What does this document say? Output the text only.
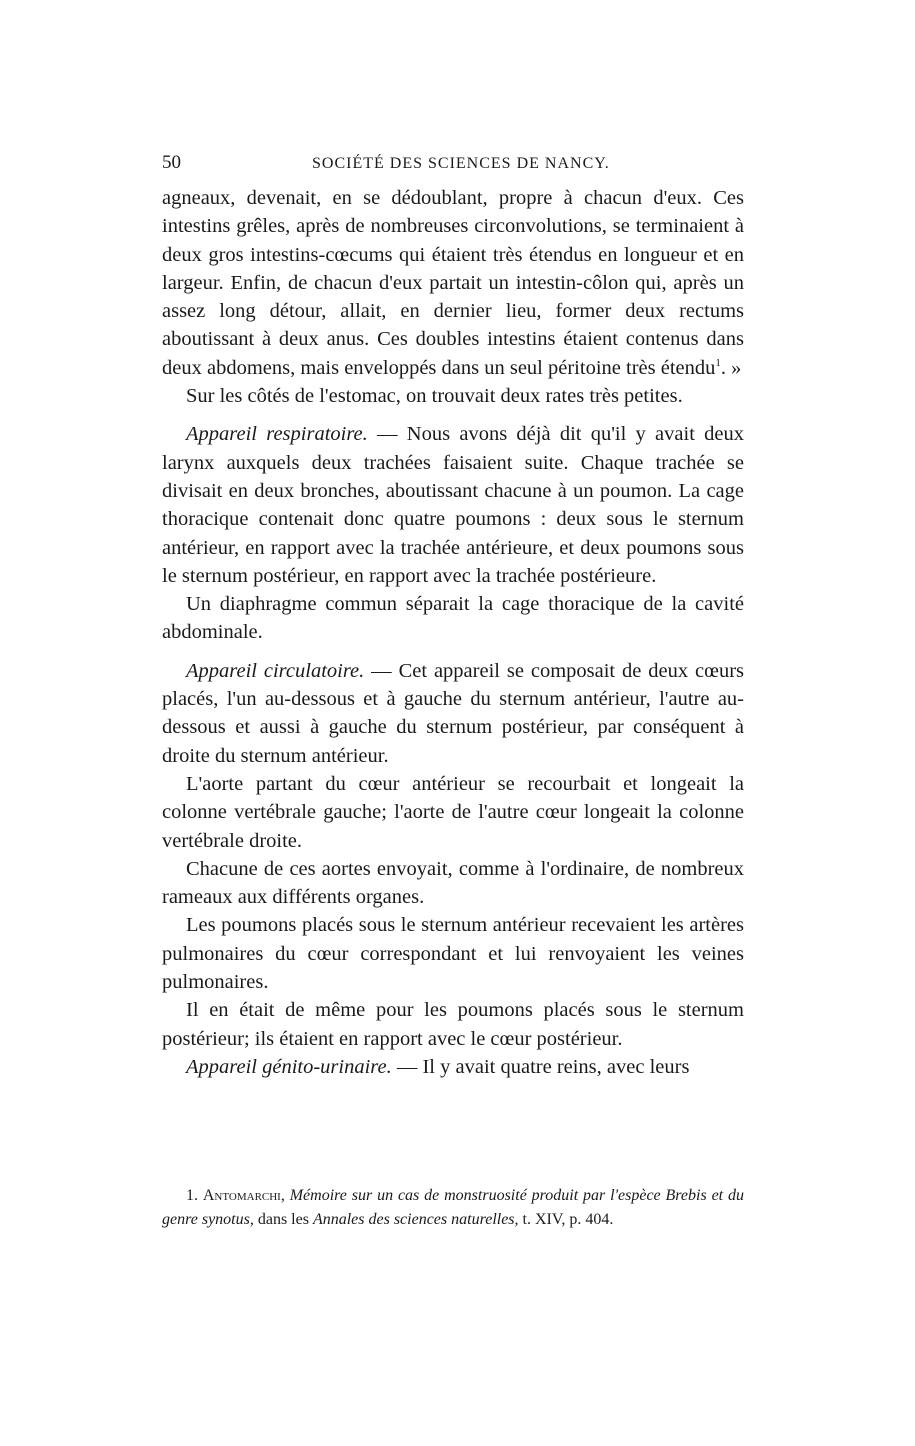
50	SOCIÉTÉ DES SCIENCES DE NANCY.

agneaux, devenait, en se dédoublant, propre à chacun d'eux. Ces intestins grêles, après de nombreuses circonvolutions, se terminaient à deux gros intestins-cœcums qui étaient très étendus en longueur et en largeur. Enfin, de chacun d'eux partait un intestin-côlon qui, après un assez long détour, allait, en dernier lieu, former deux rectums aboutissant à deux anus. Ces doubles intestins étaient contenus dans deux abdomens, mais enveloppés dans un seul péritoine très étendu$^1$. »

Sur les côtés de l'estomac, on trouvait deux rates très petites.

Appareil respiratoire. — Nous avons déjà dit qu'il y avait deux larynx auxquels deux trachées faisaient suite. Chaque trachée se divisait en deux bronches, aboutissant chacune à un poumon. La cage thoracique contenait donc quatre poumons : deux sous le sternum antérieur, en rapport avec la trachée antérieure, et deux poumons sous le sternum postérieur, en rapport avec la trachée postérieure.

Un diaphragme commun séparait la cage thoracique de la cavité abdominale.

Appareil circulatoire. — Cet appareil se composait de deux cœurs placés, l'un au-dessous et à gauche du sternum antérieur, l'autre au-dessous et aussi à gauche du sternum postérieur, par conséquent à droite du sternum antérieur.

L'aorte partant du cœur antérieur se recourbait et longeait la colonne vertébrale gauche; l'aorte de l'autre cœur longeait la colonne vertébrale droite.

Chacune de ces aortes envoyait, comme à l'ordinaire, de nombreux rameaux aux différents organes.

Les poumons placés sous le sternum antérieur recevaient les artères pulmonaires du cœur correspondant et lui renvoyaient les veines pulmonaires.

Il en était de même pour les poumons placés sous le sternum postérieur; ils étaient en rapport avec le cœur postérieur.

Appareil génito-urinaire. — Il y avait quatre reins, avec leurs

1. Antomarchi, Mémoire sur un cas de monstruosité produit par l'espèce Brebis et du genre synotus, dans les Annales des sciences naturelles, t. XIV, p. 404.
